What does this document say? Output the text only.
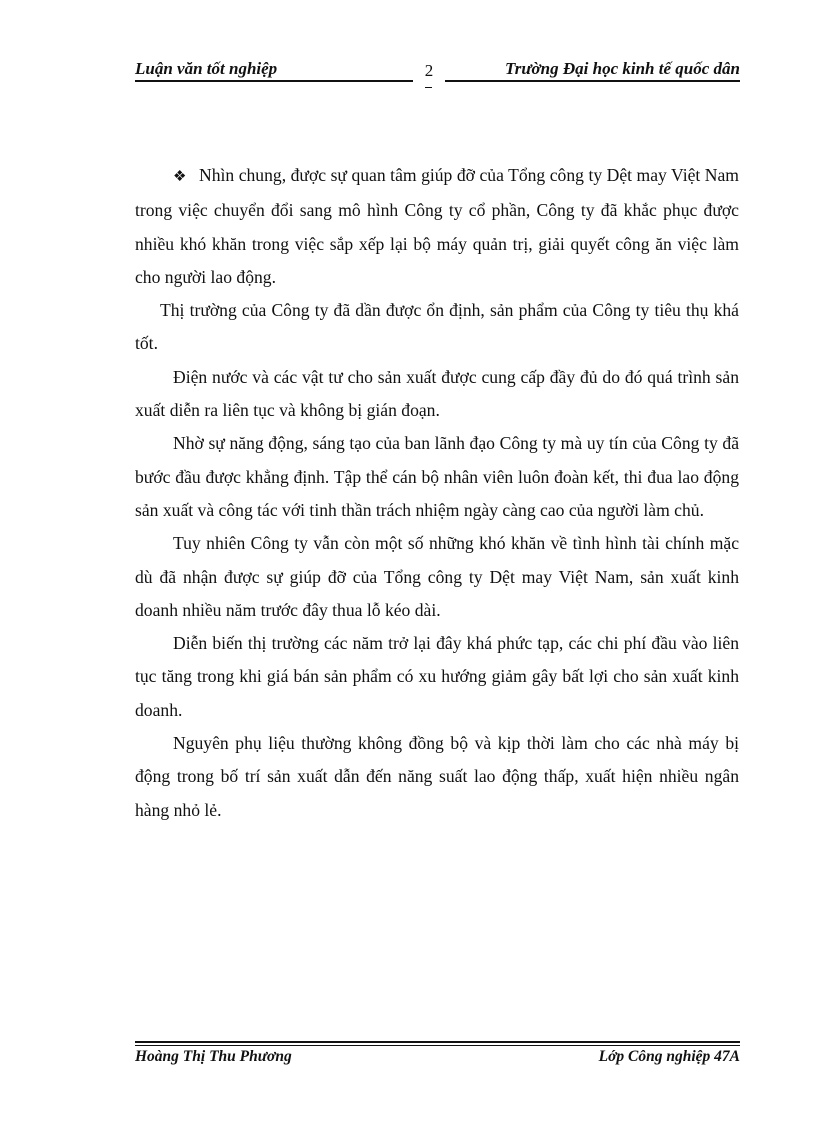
Luận văn tốt nghiệp	2	Trường Đại học kinh tế quốc dân

❖ Nhìn chung, được sự quan tâm giúp đỡ của Tổng công ty Dệt may Việt Nam trong việc chuyển đổi sang mô hình Công ty cổ phần, Công ty đã khắc phục được nhiều khó khăn trong việc sắp xếp lại bộ máy quản trị, giải quyết công ăn việc làm cho người lao động.

Thị trường của Công ty đã dần được ổn định, sản phẩm của Công ty tiêu thụ khá tốt.

Điện nước và các vật tư cho sản xuất được cung cấp đầy đủ do đó quá trình sản xuất diễn ra liên tục và không bị gián đoạn.

Nhờ sự năng động, sáng tạo của ban lãnh đạo Công ty mà uy tín của Công ty đã bước đầu được khẳng định. Tập thể cán bộ nhân viên luôn đoàn kết, thi đua lao động sản xuất và công tác với tinh thần trách nhiệm ngày càng cao của người làm chủ.

Tuy nhiên Công ty vẫn còn một số những khó khăn về tình hình tài chính mặc dù đã nhận được sự giúp đỡ của Tổng công ty Dệt may Việt Nam, sản xuất kinh doanh nhiều năm trước đây thua lỗ kéo dài.

Diễn biến thị trường các năm trở lại đây khá phức tạp, các chi phí đầu vào liên tục tăng trong khi giá bán sản phẩm có xu hướng giảm gây bất lợi cho sản xuất kinh doanh.

Nguyên phụ liệu thường không đồng bộ và kịp thời làm cho các nhà máy bị động trong bố trí sản xuất dẫn đến năng suất lao động thấp, xuất hiện nhiều ngân hàng nhỏ lẻ.

Hoàng Thị Thu Phương	Lớp Công nghiệp 47A
